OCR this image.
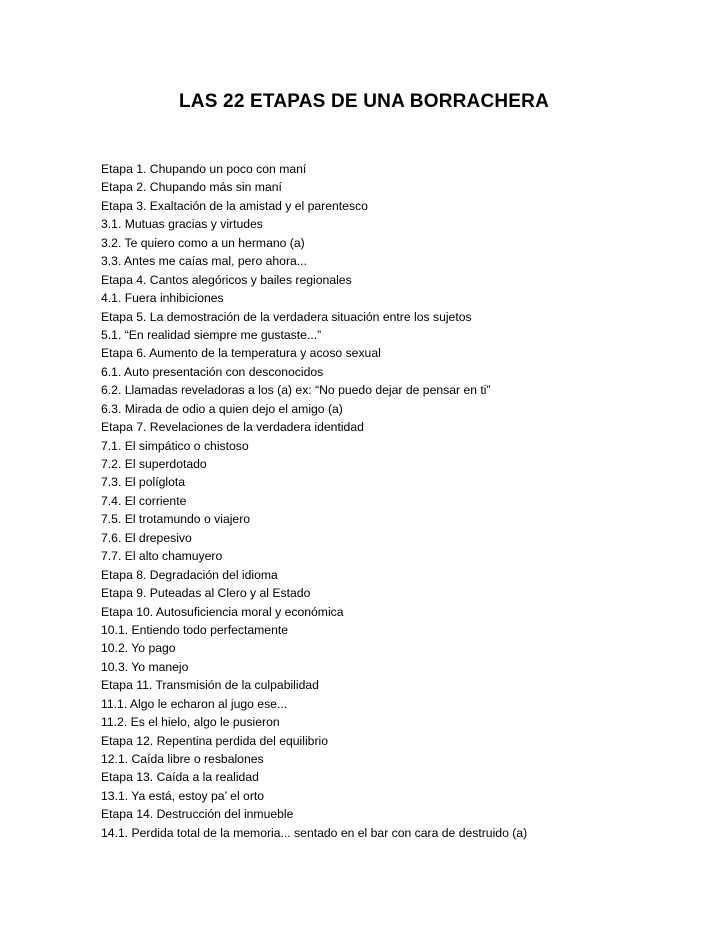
LAS 22 ETAPAS DE UNA BORRACHERA
Etapa 1. Chupando un poco con maní
Etapa 2. Chupando más sin maní
Etapa 3. Exaltación de la amistad y el parentesco
3.1. Mutuas gracias y virtudes
3.2. Te quiero como a un hermano (a)
3.3. Antes me caías mal, pero ahora...
Etapa 4. Cantos alegóricos y bailes regionales
4.1. Fuera inhibiciones
Etapa 5. La demostración de la verdadera situación entre los sujetos
5.1. “En realidad siempre me gustaste...”
Etapa 6. Aumento de la temperatura y acoso sexual
6.1. Auto presentación con desconocidos
6.2. Llamadas reveladoras a los (a) ex: “No puedo dejar de pensar en ti”
6.3. Mirada de odio a quien dejo el amigo (a)
Etapa 7. Revelaciones de la verdadera identidad
7.1. El simpático o chistoso
7.2. El superdotado
7.3. El políglota
7.4. El corriente
7.5. El trotamundo o viajero
7.6. El drepesivo
7.7. El alto chamuyero
Etapa 8. Degradación del idioma
Etapa 9. Puteadas al Clero y al Estado
Etapa 10. Autosuficiencia moral y económica
10.1. Entiendo todo perfectamente
10.2. Yo pago
10.3. Yo manejo
Etapa 11. Transmisión de la culpabilidad
11.1. Algo le echaron al jugo ese...
11.2. Es el hielo, algo le pusieron
Etapa 12. Repentina perdida del equilibrio
12.1. Caída libre o resbalones
Etapa 13. Caída a la realidad
13.1. Ya está, estoy pa’ el orto
Etapa 14. Destrucción del inmueble
14.1. Perdida total de la memoria... sentado en el bar con cara de destruido (a)
